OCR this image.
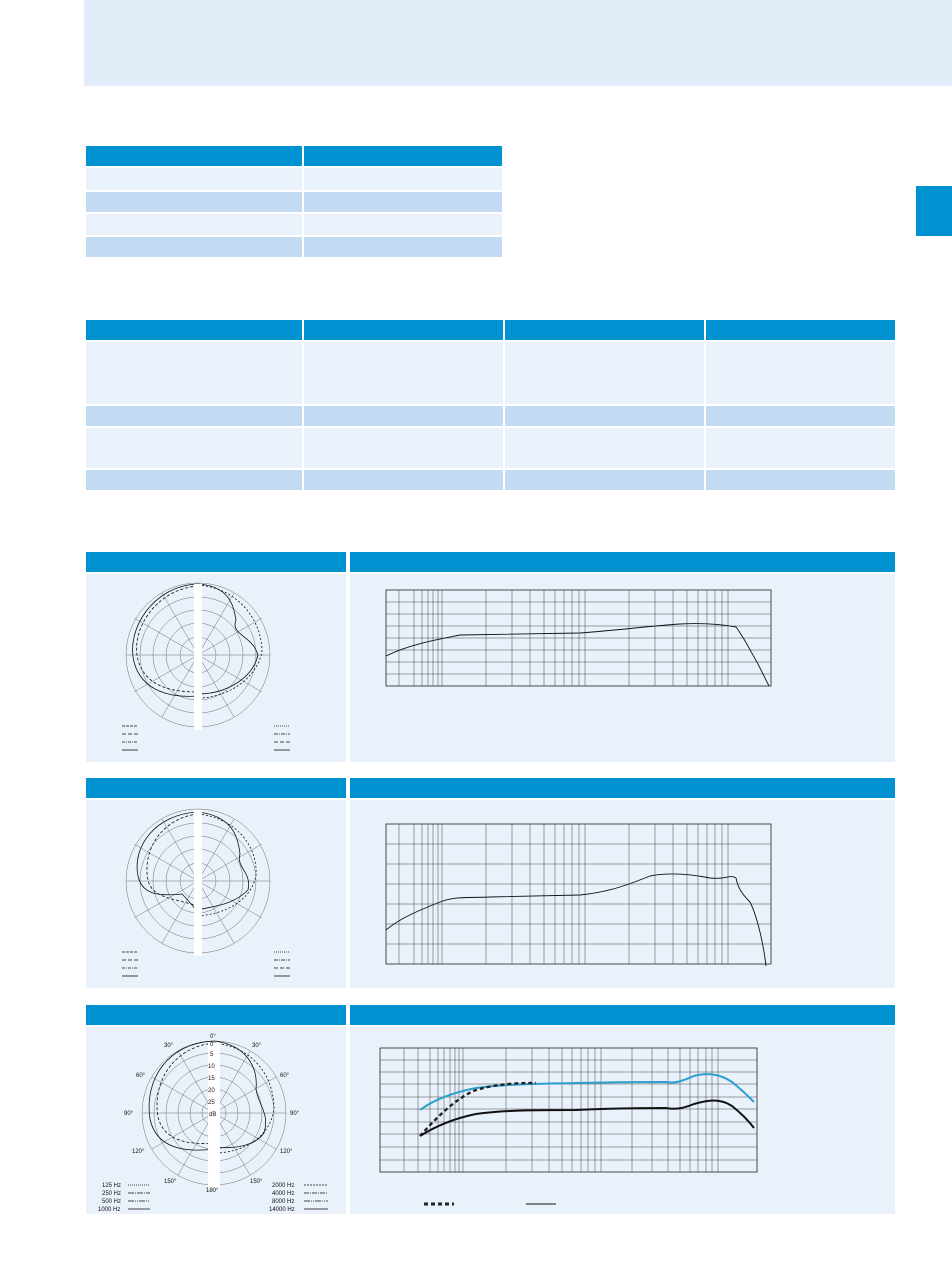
0°
30°	30°
60°	60°
90°	90°
120°	120°
150°	150°
180°
0
5
10
15
20
25
dB
125 Hz
250 Hz
500 Hz
1000 Hz
2000 Hz
4000 Hz
8000 Hz
14000 Hz
